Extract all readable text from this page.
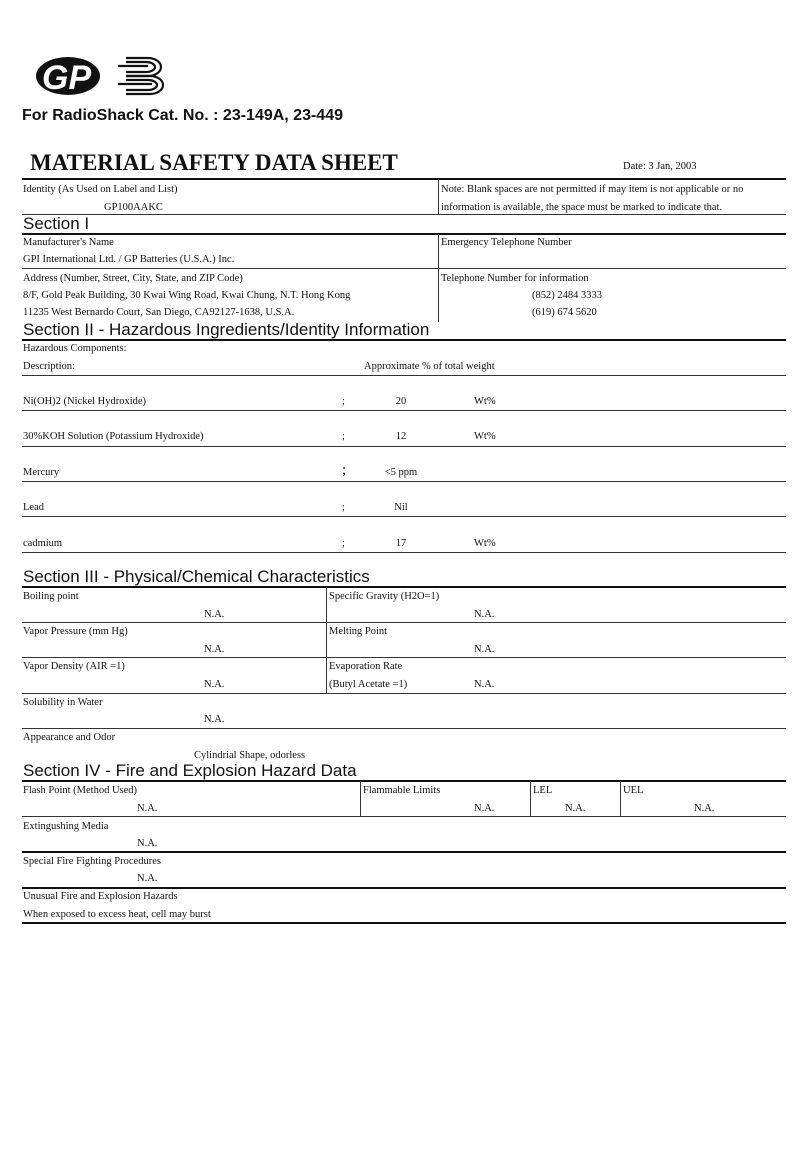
GP
For RadioShack Cat. No. : 23-149A, 23-449
MATERIAL SAFETY DATA SHEET	Date: 3 Jan, 2003
Identity (As Used on Label and List)
GP100AAKC
Note: Blank spaces are not permitted if may item is not applicable or no
information is available, the space must be marked to indicate that.
Section I
Manufacturer's Name
GPI International Ltd. / GP Batteries (U.S.A.) Inc.
Emergency Telephone Number
Address (Number, Street, City, State, and ZIP Code)
8/F, Gold Peak Building, 30 Kwai Wing Road, Kwai Chung, N.T. Hong Kong
11235 West Bernardo Court, San Diego, CA92127-1638, U.S.A.
Telephone Number for information
(852) 2484 3333
(619) 674 5620
Section II - Hazardous Ingredients/Identity Information
Hazardous Components:
Description:	Approximate % of total weight
Ni(OH)2 (Nickel Hydroxide)	;	20	Wt%
30%KOH Solution (Potassium Hydroxide)	;	12	Wt%
Mercury	;	<5 ppm
Lead	;	Nil
cadmium	;	17	Wt%
Section III - Physical/Chemical Characteristics
Boiling point
N.A.
Specific Gravity (H2O=1)
N.A.
Vapor Pressure (mm Hg)
N.A.
Melting Point
N.A.
Vapor Density (AIR =1)
N.A.
Evaporation Rate
(Butyl Acetate =1)	N.A.
Solubility in Water
N.A.
Appearance and Odor
Cylindrial Shape, odorless
Section IV - Fire and Explosion Hazard Data
Flash Point (Method Used)
N.A.
Flammable Limits
N.A.
LEL
N.A.
UEL
N.A.
Extingushing Media
N.A.
Special Fire Fighting Procedures
N.A.
Unusual Fire and Explosion Hazards
When exposed to excess heat, cell may burst
